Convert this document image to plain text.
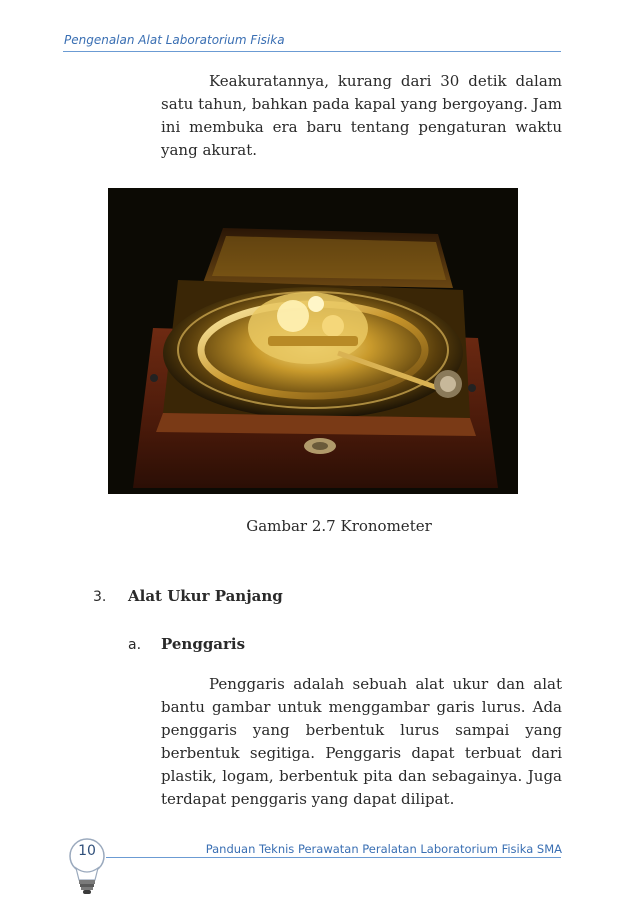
Pengenalan Alat Laboratorium Fisika

Keakuratannya, kurang dari 30 detik dalam satu tahun, bahkan pada kapal yang bergoyang. Jam ini membuka era baru tentang pengaturan waktu yang akurat.

Gambar 2.7 Kronometer
3. Alat Ukur Panjang
a. Penggaris

Penggaris adalah sebuah alat ukur dan alat bantu gambar untuk menggambar garis lurus. Ada penggaris yang berbentuk lurus sampai yang berbentuk segitiga. Penggaris dapat terbuat dari plastik, logam, berbentuk pita dan sebagainya. Juga terdapat penggaris yang dapat dilipat.

10	Panduan Teknis Perawatan Peralatan Laboratorium Fisika SMA
